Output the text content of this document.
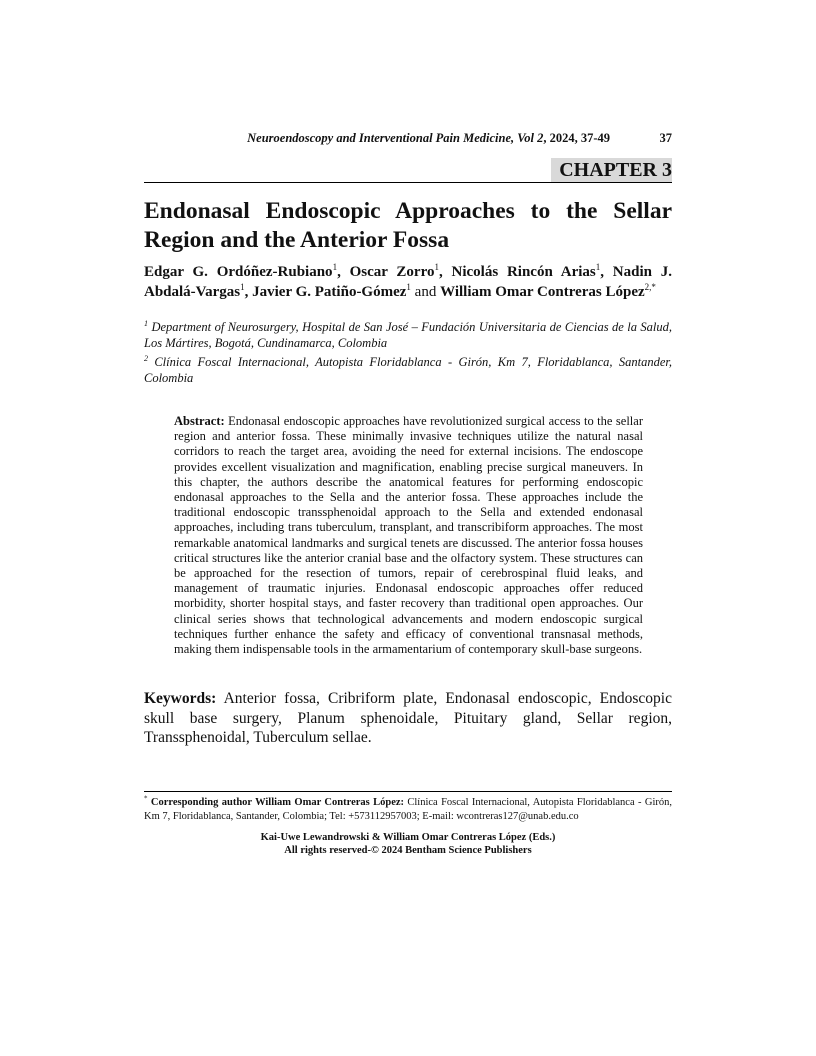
Neuroendoscopy and Interventional Pain Medicine, Vol 2, 2024, 37-49	37
CHAPTER 3
Endonasal Endoscopic Approaches to the Sellar Region and the Anterior Fossa
Edgar G. Ordóñez-Rubiano$^1$, Oscar Zorro$^1$, Nicolás Rincón Arias$^1$, Nadin J. Abdalá-Vargas$^1$, Javier G. Patiño-Gómez$^1$ and William Omar Contreras López$^{2,*}$
$^1$ Department of Neurosurgery, Hospital de San José – Fundación Universitaria de Ciencias de la Salud, Los Mártires, Bogotá, Cundinamarca, Colombia
$^2$ Clínica Foscal Internacional, Autopista Floridablanca - Girón, Km 7, Floridablanca, Santander, Colombia
Abstract: Endonasal endoscopic approaches have revolutionized surgical access to the sellar region and anterior fossa. These minimally invasive techniques utilize the natural nasal corridors to reach the target area, avoiding the need for external incisions. The endoscope provides excellent visualization and magnification, enabling precise surgical maneuvers. In this chapter, the authors describe the anatomical features for performing endoscopic endonasal approaches to the Sella and the anterior fossa. These approaches include the traditional endoscopic transsphenoidal approach to the Sella and extended endonasal approaches, including trans tuberculum, transplant, and transcribiform approaches. The most remarkable anatomical landmarks and surgical tenets are discussed. The anterior fossa houses critical structures like the anterior cranial base and the olfactory system. These structures can be approached for the resection of tumors, repair of cerebrospinal fluid leaks, and management of traumatic injuries. Endonasal endoscopic approaches offer reduced morbidity, shorter hospital stays, and faster recovery than traditional open approaches. Our clinical series shows that technological advancements and modern endoscopic surgical techniques further enhance the safety and efficacy of conventional transnasal methods, making them indispensable tools in the armamentarium of contemporary skull-base surgeons.
Keywords: Anterior fossa, Cribriform plate, Endonasal endoscopic, Endoscopic skull base surgery, Planum sphenoidale, Pituitary gland, Sellar region, Transsphenoidal, Tuberculum sellae.
* Corresponding author William Omar Contreras López: Clínica Foscal Internacional, Autopista Floridablanca - Girón, Km 7, Floridablanca, Santander, Colombia; Tel: +573112957003; E-mail: wcontreras127@unab.edu.co
Kai-Uwe Lewandrowski & William Omar Contreras López (Eds.)
All rights reserved-© 2024 Bentham Science Publishers
